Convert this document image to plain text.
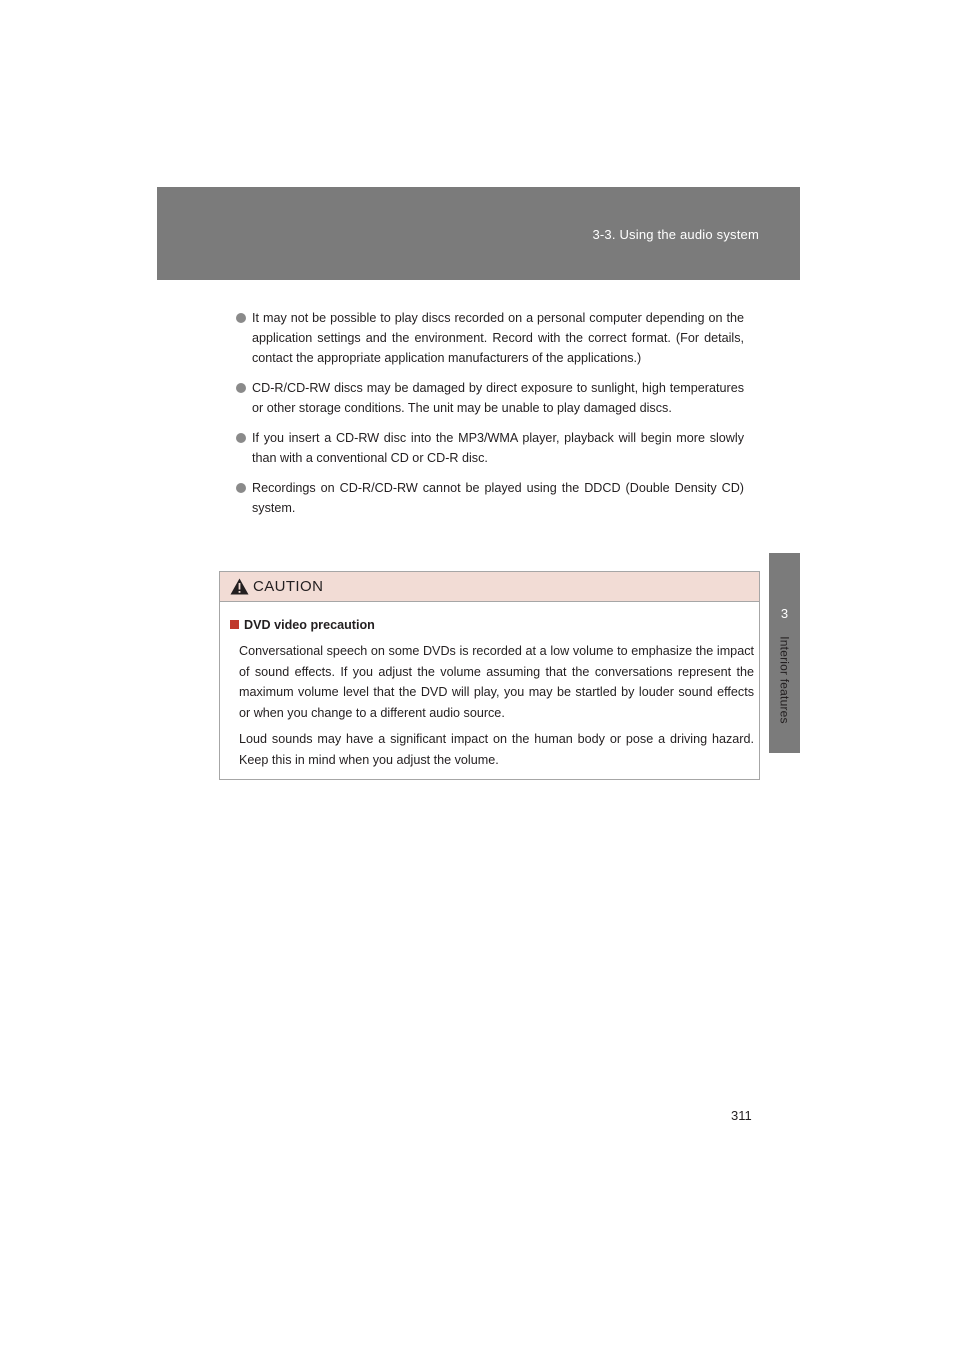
3-3. Using the audio system
3
Interior features
It may not be possible to play discs recorded on a personal computer depending on the application settings and the environment. Record with the correct format. (For details, contact the appropriate application manufacturers of the applications.)
CD-R/CD-RW discs may be damaged by direct exposure to sunlight, high temperatures or other storage conditions. The unit may be unable to play damaged discs.
If you insert a CD-RW disc into the MP3/WMA player, playback will begin more slowly than with a conventional CD or CD-R disc.
Recordings on CD-R/CD-RW cannot be played using the DDCD (Double Density CD) system.
CAUTION
DVD video precaution
Conversational speech on some DVDs is recorded at a low volume to emphasize the impact of sound effects. If you adjust the volume assuming that the conversations represent the maximum volume level that the DVD will play, you may be startled by louder sound effects or when you change to a different audio source.
Loud sounds may have a significant impact on the human body or pose a driving hazard. Keep this in mind when you adjust the volume.
311
